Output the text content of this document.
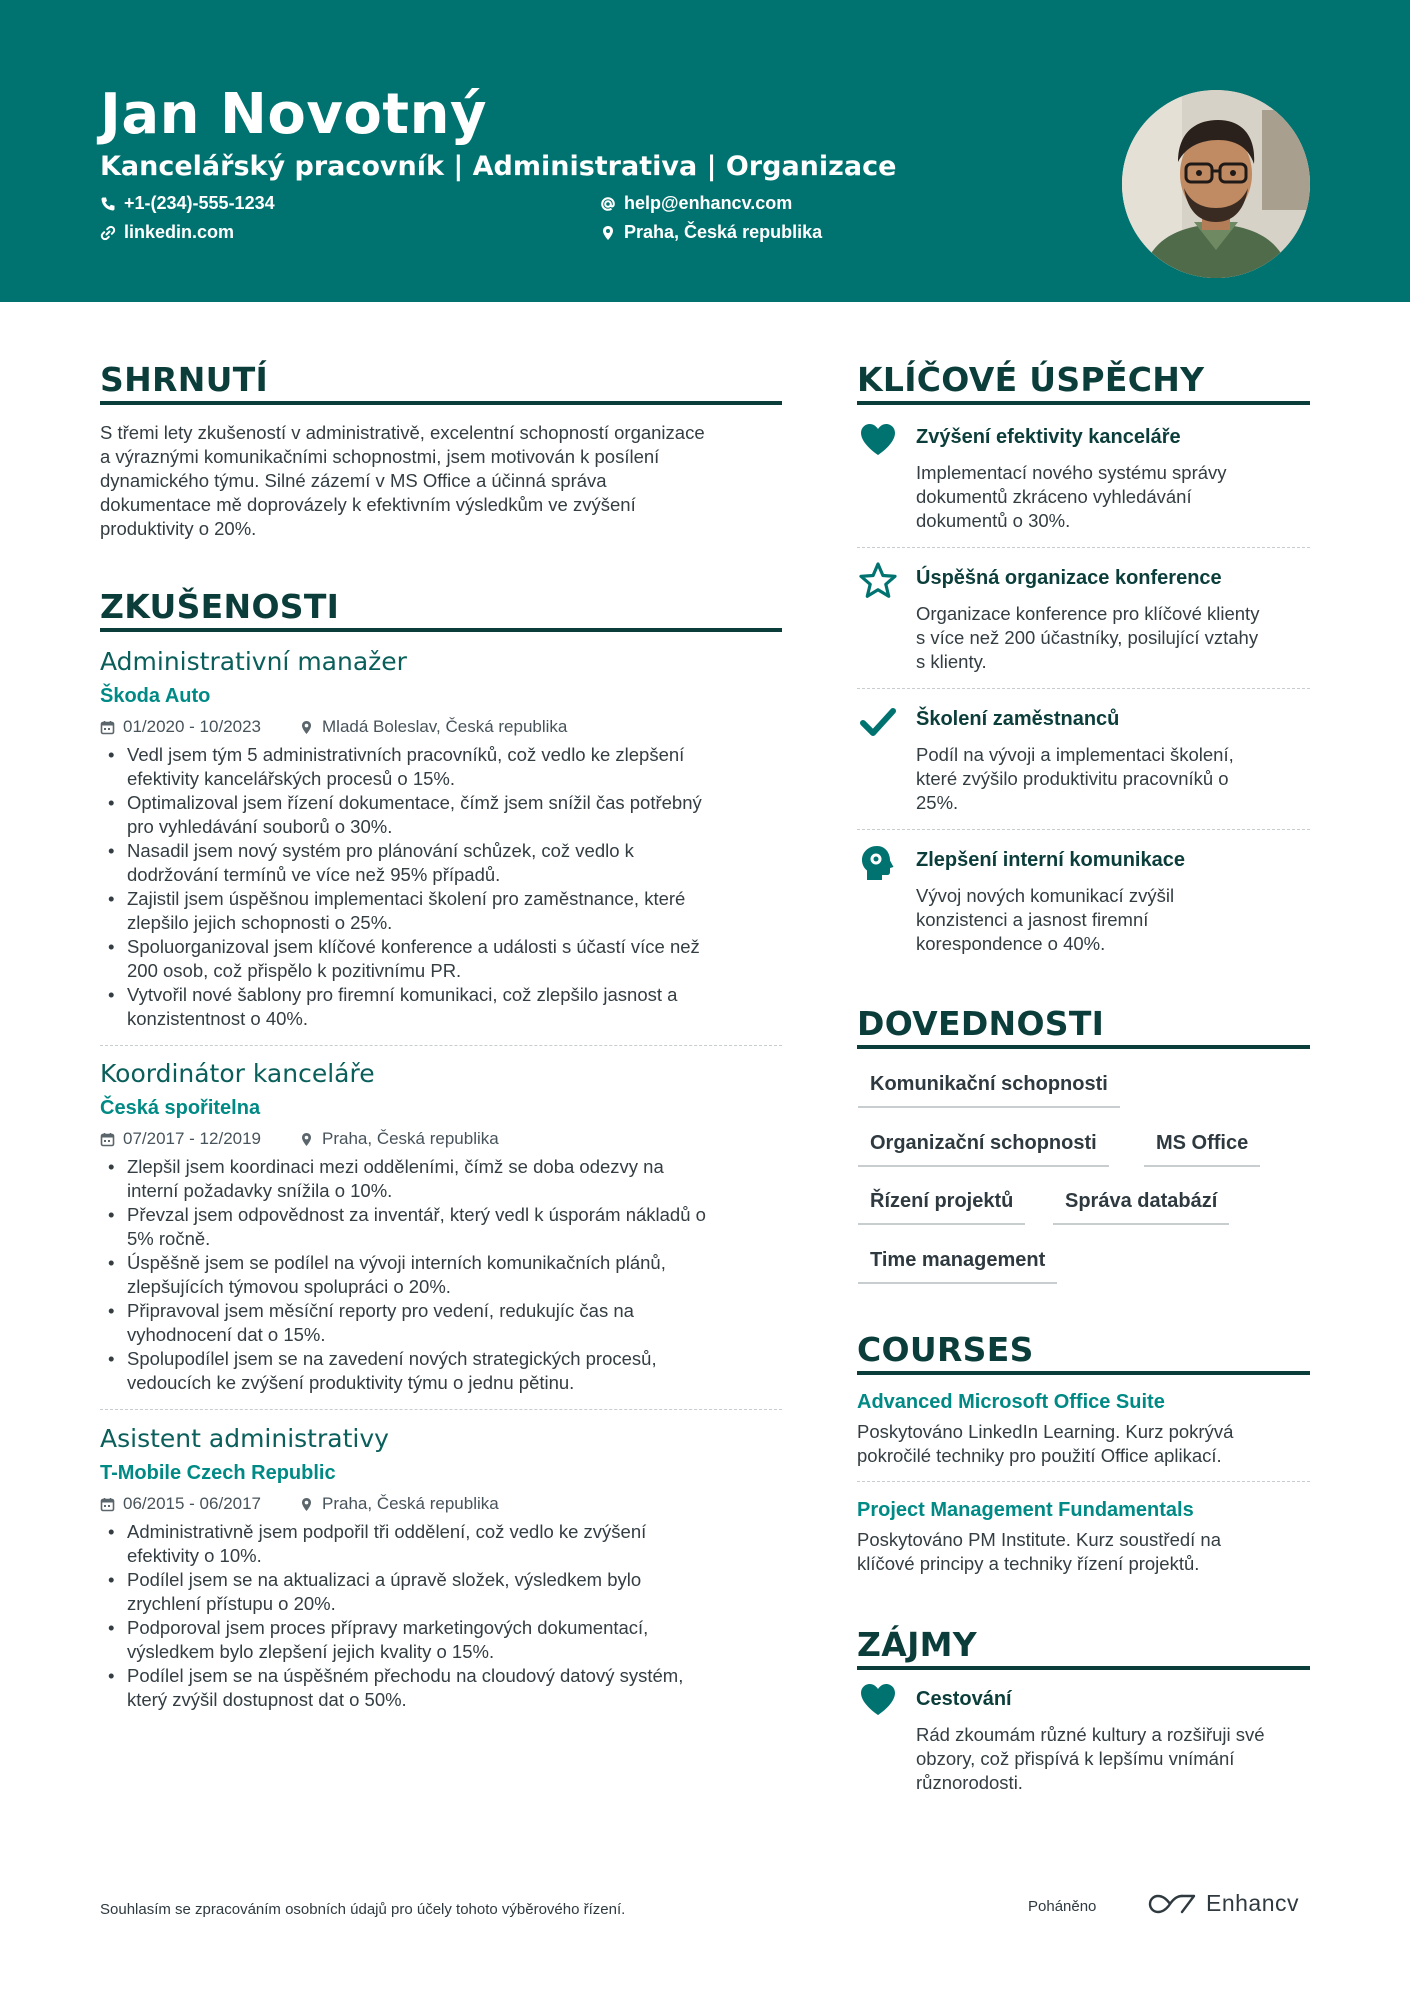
Jan Novotný
Kancelářský pracovník | Administrativa | Organizace
+1-(234)-555-1234	help@enhancv.com
linkedin.com	Praha, Česká republika
SHRNUTÍ
S třemi lety zkušeností v administrativě, excelentní schopností organizace
a výraznými komunikačními schopnostmi, jsem motivován k posílení
dynamického týmu. Silné zázemí v MS Office a účinná správa
dokumentace mě doprovázely k efektivním výsledkům ve zvýšení
produktivity o 20%.
ZKUŠENOSTI
Administrativní manažer
Škoda Auto
01/2020 - 10/2023	Mladá Boleslav, Česká republika
• Vedl jsem tým 5 administrativních pracovníků, což vedlo ke zlepšení
efektivity kancelářských procesů o 15%.
• Optimalizoval jsem řízení dokumentace, čímž jsem snížil čas potřebný
pro vyhledávání souborů o 30%.
• Nasadil jsem nový systém pro plánování schůzek, což vedlo k
dodržování termínů ve více než 95% případů.
• Zajistil jsem úspěšnou implementaci školení pro zaměstnance, které
zlepšilo jejich schopnosti o 25%.
• Spoluorganizoval jsem klíčové konference a události s účastí více než
200 osob, což přispělo k pozitivnímu PR.
• Vytvořil nové šablony pro firemní komunikaci, což zlepšilo jasnost a
konzistentnost o 40%.
Koordinátor kanceláře
Česká spořitelna
07/2017 - 12/2019	Praha, Česká republika
• Zlepšil jsem koordinaci mezi odděleními, čímž se doba odezvy na
interní požadavky snížila o 10%.
• Převzal jsem odpovědnost za inventář, který vedl k úsporám nákladů o
5% ročně.
• Úspěšně jsem se podílel na vývoji interních komunikačních plánů,
zlepšujících týmovou spolupráci o 20%.
• Připravoval jsem měsíční reporty pro vedení, redukujíc čas na
vyhodnocení dat o 15%.
• Spolupodílel jsem se na zavedení nových strategických procesů,
vedoucích ke zvýšení produktivity týmu o jednu pětinu.
Asistent administrativy
T-Mobile Czech Republic
06/2015 - 06/2017	Praha, Česká republika
• Administrativně jsem podpořil tři oddělení, což vedlo ke zvýšení
efektivity o 10%.
• Podílel jsem se na aktualizaci a úpravě složek, výsledkem bylo
zrychlení přístupu o 20%.
• Podporoval jsem proces přípravy marketingových dokumentací,
výsledkem bylo zlepšení jejich kvality o 15%.
• Podílel jsem se na úspěšném přechodu na cloudový datový systém,
který zvýšil dostupnost dat o 50%.
KLÍČOVÉ ÚSPĚCHY
Zvýšení efektivity kanceláře
Implementací nového systému správy
dokumentů zkráceno vyhledávání
dokumentů o 30%.
Úspěšná organizace konference
Organizace konference pro klíčové klienty
s více než 200 účastníky, posilující vztahy
s klienty.
Školení zaměstnanců
Podíl na vývoji a implementaci školení,
které zvýšilo produktivitu pracovníků o
25%.
Zlepšení interní komunikace
Vývoj nových komunikací zvýšil
konzistenci a jasnost firemní
korespondence o 40%.
DOVEDNOSTI
Komunikační schopnosti
Organizační schopnosti	MS Office
Řízení projektů	Správa databází
Time management
COURSES
Advanced Microsoft Office Suite
Poskytováno LinkedIn Learning. Kurz pokrývá
pokročilé techniky pro použití Office aplikací.
Project Management Fundamentals
Poskytováno PM Institute. Kurz soustředí na
klíčové principy a techniky řízení projektů.
ZÁJMY
Cestování
Rád zkoumám různé kultury a rozšiřuji své
obzory, což přispívá k lepšímu vnímání
různorodosti.
Souhlasím se zpracováním osobních údajů pro účely tohoto výběrového řízení.	Poháněno	Enhancv
